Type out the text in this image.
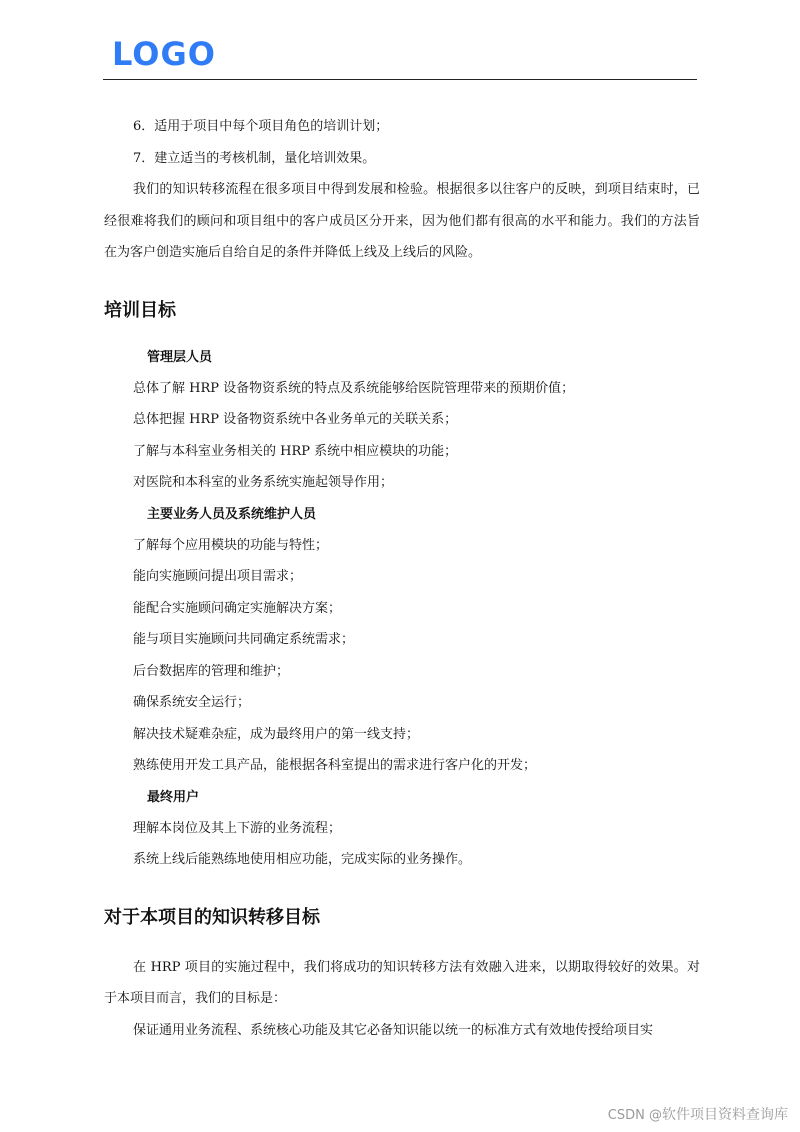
LOGO

6．适用于项目中每个项目角色的培训计划；

7．建立适当的考核机制，量化培训效果。

我们的知识转移流程在很多项目中得到发展和检验。根据很多以往客户的反映，到项目结束时，已经很难将我们的顾问和项目组中的客户成员区分开来，因为他们都有很高的水平和能力。我们的方法旨在为客户创造实施后自给自足的条件并降低上线及上线后的风险。

培训目标
管理层人员

总体了解 HRP 设备物资系统的特点及系统能够给医院管理带来的预期价值；

总体把握 HRP 设备物资系统中各业务单元的关联关系；

了解与本科室业务相关的 HRP 系统中相应模块的功能；

对医院和本科室的业务系统实施起领导作用；

主要业务人员及系统维护人员

了解每个应用模块的功能与特性；

能向实施顾问提出项目需求；

能配合实施顾问确定实施解决方案；

能与项目实施顾问共同确定系统需求；

后台数据库的管理和维护；

确保系统安全运行；

解决技术疑难杂症，成为最终用户的第一线支持；

熟练使用开发工具产品，能根据各科室提出的需求进行客户化的开发；

最终用户

理解本岗位及其上下游的业务流程；

系统上线后能熟练地使用相应功能，完成实际的业务操作。

对于本项目的知识转移目标

在 HRP 项目的实施过程中，我们将成功的知识转移方法有效融入进来，以期取得较好的效果。对于本项目而言，我们的目标是：

保证通用业务流程、系统核心功能及其它必备知识能以统一的标准方式有效地传授给项目实

CSDN @软件项目资料查询库
